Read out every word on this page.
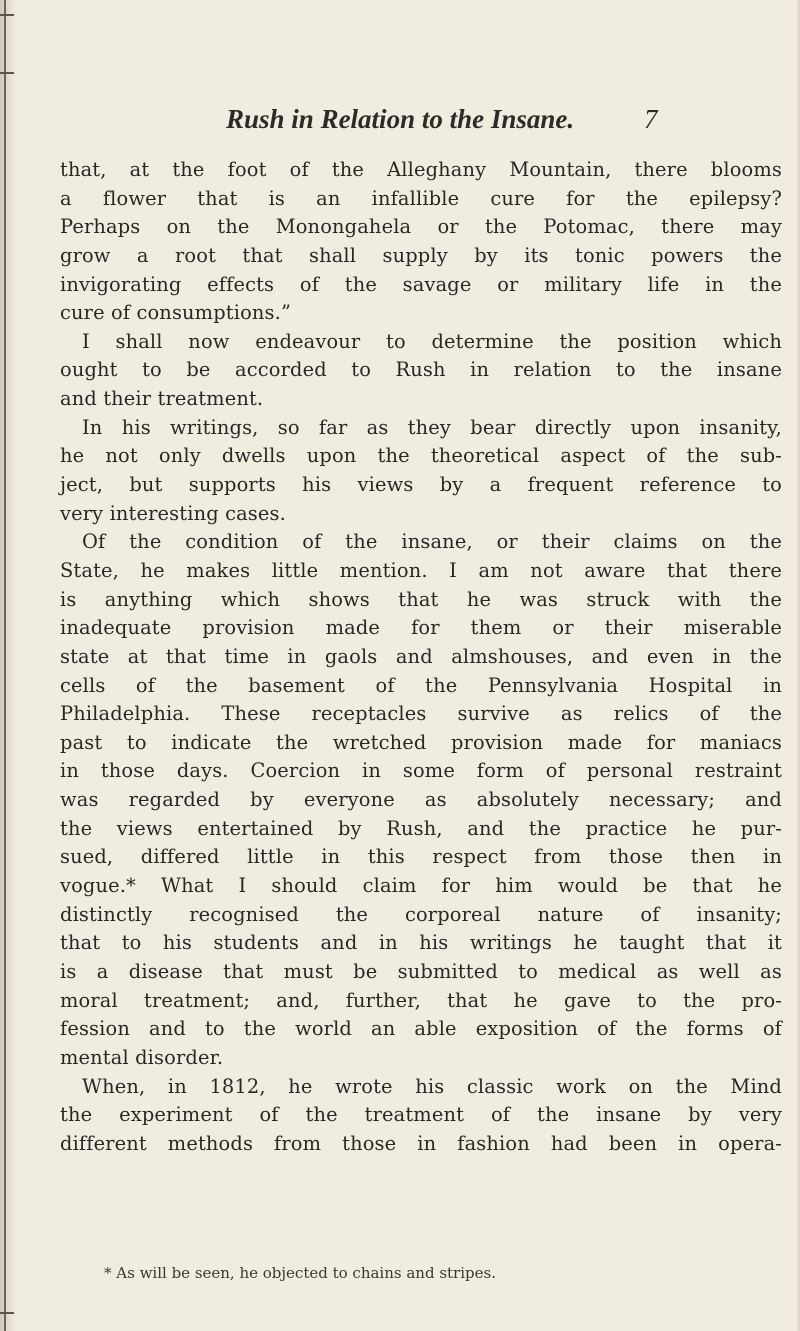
Rush in Relation to the Insane.	7
that, at the foot of the Alleghany Mountain, there blooms
a flower that is an infallible cure for the epilepsy?
Perhaps on the Monongahela or the Potomac, there may
grow a root that shall supply by its tonic powers the
invigorating effects of the savage or military life in the
cure of consumptions.”
I shall now endeavour to determine the position which
ought to be accorded to Rush in relation to the insane
and their treatment.
In his writings, so far as they bear directly upon insanity,
he not only dwells upon the theoretical aspect of the sub-
ject, but supports his views by a frequent reference to
very interesting cases.
Of the condition of the insane, or their claims on the
State, he makes little mention. I am not aware that there
is anything which shows that he was struck with the
inadequate provision made for them or their miserable
state at that time in gaols and almshouses, and even in the
cells of the basement of the Pennsylvania Hospital in
Philadelphia. These receptacles survive as relics of the
past to indicate the wretched provision made for maniacs
in those days. Coercion in some form of personal restraint
was regarded by everyone as absolutely necessary; and
the views entertained by Rush, and the practice he pur-
sued, differed little in this respect from those then in
vogue.* What I should claim for him would be that he
distinctly recognised the corporeal nature of insanity;
that to his students and in his writings he taught that it
is a disease that must be submitted to medical as well as
moral treatment; and, further, that he gave to the pro-
fession and to the world an able exposition of the forms of
mental disorder.
When, in 1812, he wrote his classic work on the Mind
the experiment of the treatment of the insane by very
different methods from those in fashion had been in opera-
* As will be seen, he objected to chains and stripes.
